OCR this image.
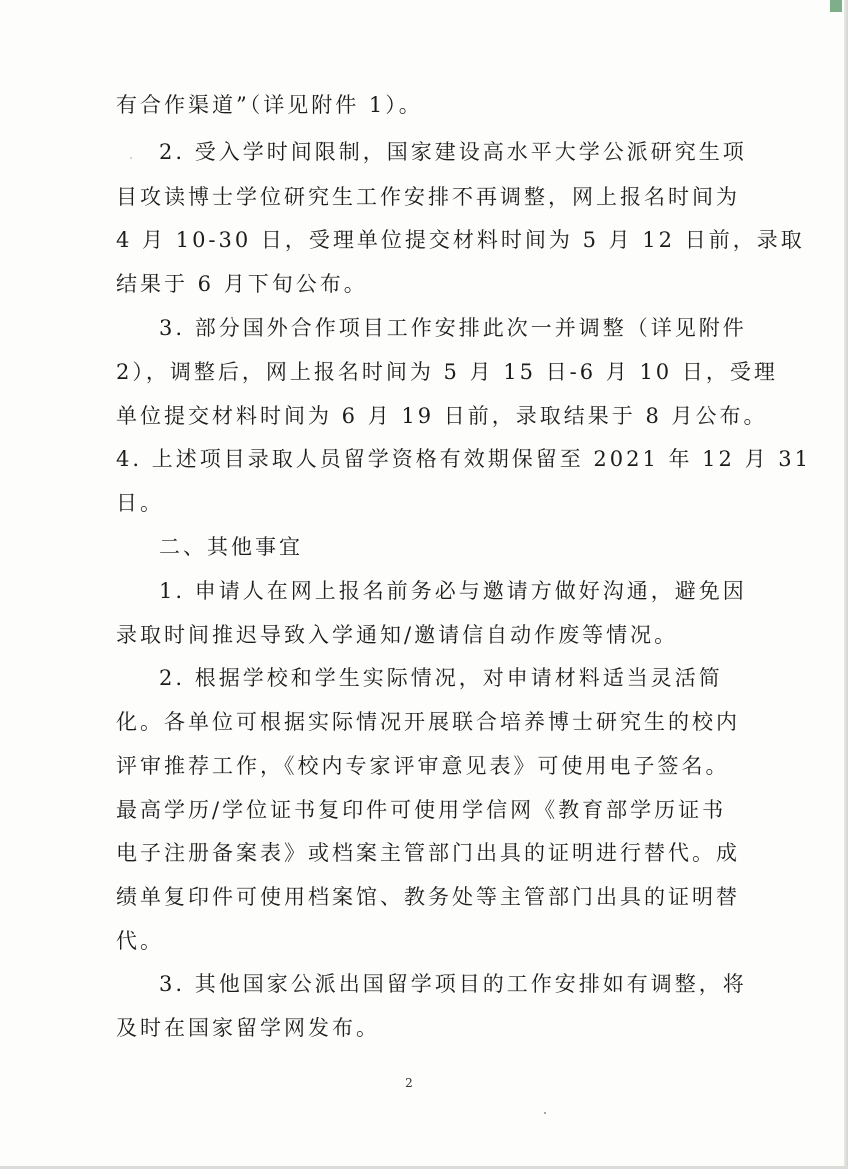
有合作渠道”（详见附件 1）。
2. 受入学时间限制，国家建设高水平大学公派研究生项
目攻读博士学位研究生工作安排不再调整，网上报名时间为
4 月 10-30 日，受理单位提交材料时间为 5 月 12 日前，录取
结果于 6 月下旬公布。
3. 部分国外合作项目工作安排此次一并调整（详见附件
2），调整后，网上报名时间为 5 月 15 日-6 月 10 日，受理
单位提交材料时间为 6 月 19 日前，录取结果于 8 月公布。
4. 上述项目录取人员留学资格有效期保留至 2021 年 12 月 31
日。
二、其他事宜
1. 申请人在网上报名前务必与邀请方做好沟通，避免因
录取时间推迟导致入学通知/邀请信自动作废等情况。
2. 根据学校和学生实际情况，对申请材料适当灵活简
化。各单位可根据实际情况开展联合培养博士研究生的校内
评审推荐工作，《校内专家评审意见表》可使用电子签名。
最高学历/学位证书复印件可使用学信网《教育部学历证书
电子注册备案表》或档案主管部门出具的证明进行替代。成
绩单复印件可使用档案馆、教务处等主管部门出具的证明替
代。
3. 其他国家公派出国留学项目的工作安排如有调整，将
及时在国家留学网发布。
2
